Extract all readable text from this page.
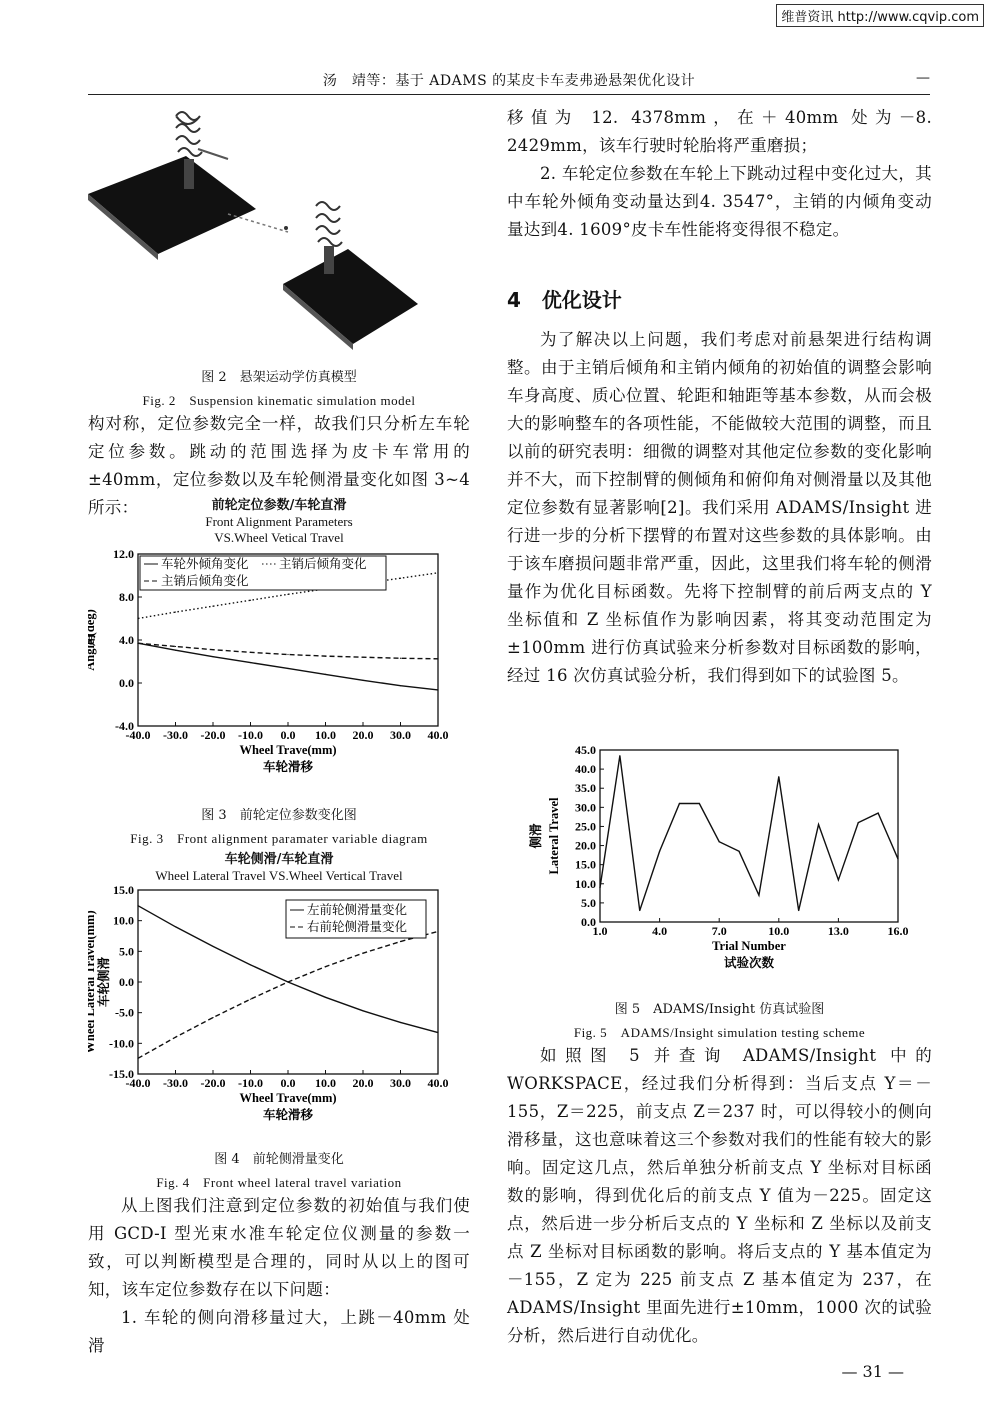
维普资讯 http://www.cqvip.com
汤　靖等：基于 ADAMS 的某皮卡车麦弗逊悬架优化设计	—
图 2　悬架运动学仿真模型
Fig. 2　Suspension kinematic simulation model

构对称，定位参数完全一样，故我们只分析左车轮定位参数。跳动的范围选择为皮卡车常用的±40mm，定位参数以及车轮侧滑量变化如图 3~4 所示：	前轮定位参数/车轮直滑
Front Alignment Parameters
VS.Wheel Vetical Travel
-40.0 -30.0 -20.0 -10.0 0.0 10.0 20.0 30.0 40.0
12.0
8.0
4.0
0.0
-4.0
Wheel Trave(mm)
车轮滑移
Angle (deg)
车轮外倾角变化 主销后倾角变化
主销后倾角变化
图 3　前轮定位参数变化图
Fig. 3　Front alignment paramater variable diagram
车轮侧滑/车轮直滑
Wheel Lateral Travel VS.Wheel Vertical Travel
-40.0 -30.0 -20.0 -10.0 0.0 10.0 20.0 30.0 40.0
15.0
10.0
5.0
0.0
-5.0
-10.0
-15.0
Wheel Trave(mm)
车轮滑移
Wheel Lateral Travel(mm)
车轮侧滑
左前轮侧滑量变化
右前轮侧滑量变化
图 4　前轮侧滑量变化
Fig. 4　Front wheel lateral travel variation

从上图我们注意到定位参数的初始值与我们使用 GCD-I 型光束水准车轮定位仪测量的参数一致，可以判断模型是合理的，同时从以上的图可知，该车定位参数存在以下问题：

1. 车轮的侧向滑移量过大，上跳－40mm 处滑

移值为 12. 4378mm，在＋40mm 处为－8. 2429mm，该车行驶时轮胎将严重磨损；

2. 车轮定位参数在车轮上下跳动过程中变化过大，其中车轮外倾角变动量达到4. 3547°，主销的内倾角变动量达到4. 1609°皮卡车性能将变得很不稳定。

4 优化设计

为了解决以上问题，我们考虑对前悬架进行结构调整。由于主销后倾角和主销内倾角的初始值的调整会影响车身高度、质心位置、轮距和轴距等基本参数，从而会极大的影响整车的各项性能，不能做较大范围的调整，而且以前的研究表明：细微的调整对其他定位参数的变化影响并不大，而下控制臂的侧倾角和俯仰角对侧滑量以及其他定位参数有显著影响[2]。我们采用 ADAMS/Insight 进行进一步的分析下摆臂的布置对这些参数的具体影响。由于该车磨损问题非常严重，因此，这里我们将车轮的侧滑量作为优化目标函数。先将下控制臂的前后两支点的 Y 坐标值和 Z 坐标值作为影响因素，将其变动范围定为±100mm 进行仿真试验来分析参数对目标函数的影响，经过 16 次仿真试验分析，我们得到如下的试验图 5。

1.0	4.0	7.0	10.0	13.0	16.0
45.0
40.0
35.0
30.0
25.0
20.0
15.0
10.0
5.0
0.0
Trial Number
试验次数
Lateral Travel
侧滑
图 5　ADAMS/Insight 仿真试验图
Fig. 5　ADAMS/Insight simulation testing scheme

如照图 5 并查询 ADAMS/Insight 中的 WORKSPACE，经过我们分析得到：当后支点 Y＝－155，Z＝225，前支点 Z＝237 时，可以得较小的侧向滑移量，这也意味着这三个参数对我们的性能有较大的影响。固定这几点，然后单独分析前支点 Y 坐标对目标函数的影响，得到优化后的前支点 Y 值为－225。固定这点，然后进一步分析后支点的 Y 坐标和 Z 坐标以及前支点 Z 坐标对目标函数的影响。将后支点的 Y 基本值定为－155，Z 定为 225 前支点 Z 基本值定为 237，在 ADAMS/Insight 里面先进行±10mm，1000 次的试验分析，然后进行自动优化。

— 31 —
